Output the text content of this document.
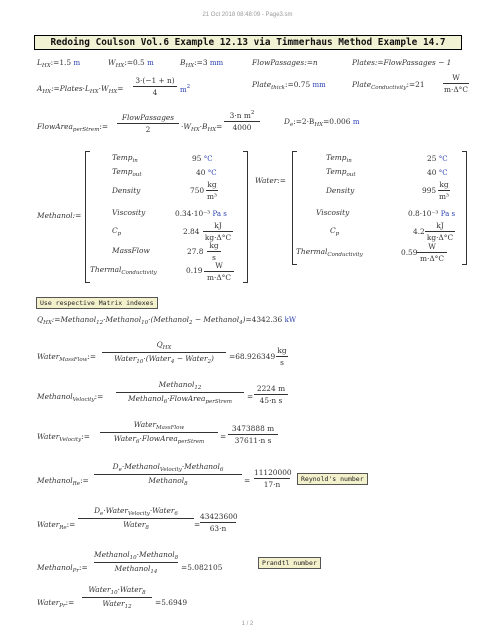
21 Oct 2018 08:48:09 - Page3.sm
Redoing Coulson Vol.6 Example 12.13 via Timmerhaus Method Example 14.7
$L_{HX}:=1.5$ m	$W_{HX}:=0.5$ m	$B_{HX}:=3$ mm	FlowPassages:=n	Plates:=FlowPassages − 1
$A_{HX}:=Plates\cdot L_{HX}\cdot W_{HX}= \frac{3\cdot(-1 + n)}{4} m^2$	Plate$_{thick}$:=0.75 mm	Plate$_{Conductivity}$:=21 $\frac{W}{m\cdot\Delta^\circ C}$
FlowArea$_{perStrem}$:=
FlowPassages
2	$\cdot W_{HX}\cdot B_{HX}= \frac{3\cdot n m^2}{4000}$	$D_e:=2\cdot B_{HX}=0.006$ m
Methanol:=
Temp$_{in}$	95 °C
Temp$_{out}$	40 °C
Density	$750 \frac{kg}{\text{m³}}$
Viscosity	0.34·10⁻³ Pa s
$C_p$	$2.84 \frac{kJ}{kg\cdot\Delta^\circ C}$
MassFlow	$27.8 \frac{kg}{s}$
Thermal$_{Conductivity}$	$0.19 \frac{W}{m\cdot\Delta^\circ C}$
Water:=
Temp$_{in}$	25 °C
Temp$_{out}$	40 °C
Density	$995 \frac{kg}{\text{m³}}$
Viscosity	0.8·10⁻³ Pa s
$C_p$	$4.2 \frac{kJ}{kg\cdot\Delta^\circ C}$
Thermal$_{Conductivity}$	$0.59 \frac{W}{m\cdot\Delta^\circ C}$
Use respective Matrix indexes
$Q_{HX}:=Methanol_{12}\cdot Methanol_{10}\cdot(Methanol_2$ − Methanol$_4$)=4342.36 kW
Water$_{MassFlow}$:=
$Q_{HX}$
Water$_{10}$·(Water$_4$ − Water$_2$)	$=68.926349 \frac{kg}{s}$
Methanol$_{Velocity}$:=
Methanol$_{12}$
Methanol$_6$·FlowArea$_{perStrem}$
= $\frac{2224 m}{\text{45·n s}}$
Water$_{Velocity}$:=
Water$_{MassFlow}$
Water$_6$·FlowArea$_{perStrem}$
= $\frac{3473888 m}{\text{37611·n s}}$
Methanol$_{Re}$:=
$D_e\cdot Methanol_{Velocity}\cdot Methanol_6$
Methanol$_8$	= $\frac{11120000}{17\cdot n}$	Reynold's number
Water$_{Re}$:=
$D_e\cdot Water_{Velocity}\cdot Water_6$
Water$_8$	= $\frac{43423600}{63\cdot n}$
Methanol$_{Pr}$:=
Methanol$_{10}$·Methanol$_8$
Methanol$_{14}$	=5.082105	Prandtl number
Water$_{Pr}$:=
Water$_{10}$·Water$_8$
Water$_{12}$	=5.6949
1 / 2
